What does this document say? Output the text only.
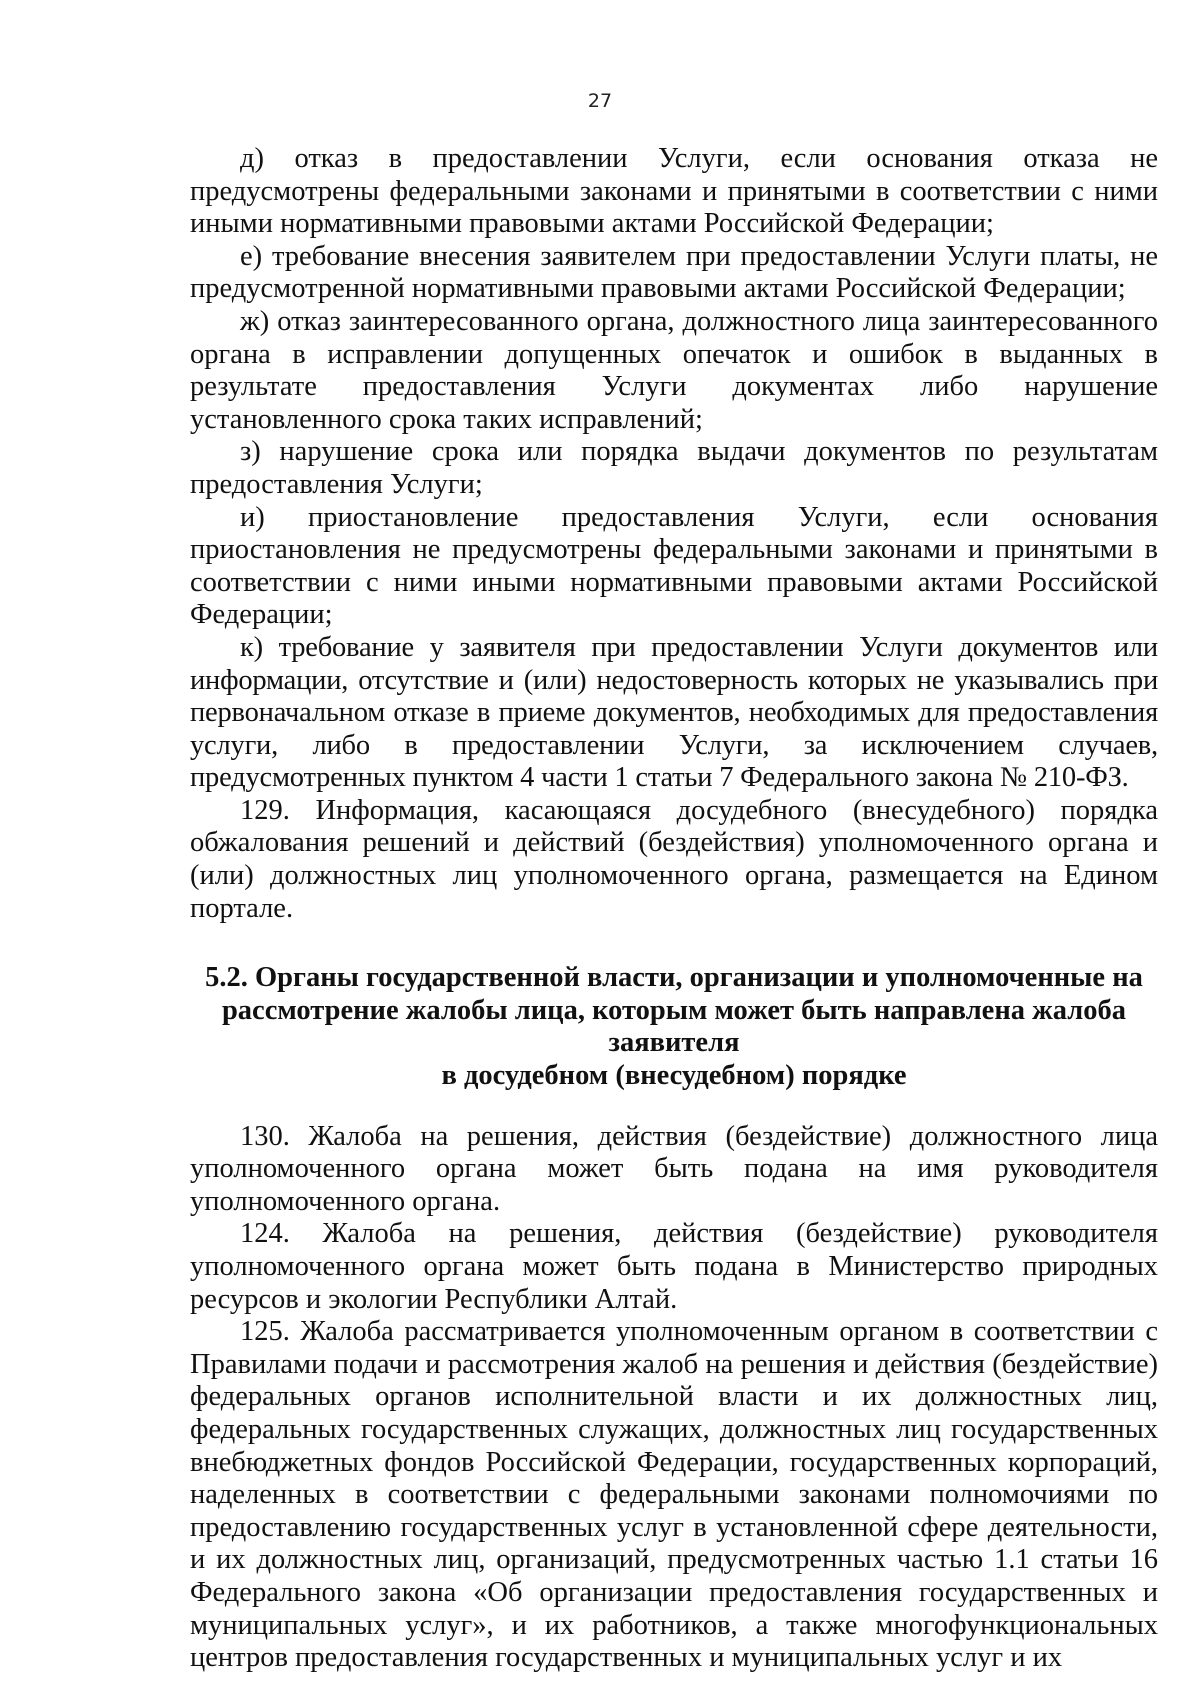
27

д) отказ в предоставлении Услуги, если основания отказа не предусмотрены федеральными законами и принятыми в соответствии с ними иными нормативными правовыми актами Российской Федерации;

е) требование внесения заявителем при предоставлении Услуги платы, не предусмотренной нормативными правовыми актами Российской Федерации;

ж) отказ заинтересованного органа, должностного лица заинтересованного органа в исправлении допущенных опечаток и ошибок в выданных в результате предоставления Услуги документах либо нарушение установленного срока таких исправлений;

з) нарушение срока или порядка выдачи документов по результатам предоставления Услуги;

и) приостановление предоставления Услуги, если основания приостановления не предусмотрены федеральными законами и принятыми в соответствии с ними иными нормативными правовыми актами Российской Федерации;

к) требование у заявителя при предоставлении Услуги документов или информации, отсутствие и (или) недостоверность которых не указывались при первоначальном отказе в приеме документов, необходимых для предоставления услуги, либо в предоставлении Услуги, за исключением случаев, предусмотренных пунктом 4 части 1 статьи 7 Федерального закона № 210-ФЗ.

129. Информация, касающаяся досудебного (внесудебного) порядка обжалования решений и действий (бездействия) уполномоченного органа и (или) должностных лиц уполномоченного органа, размещается на Едином портале.

5.2. Органы государственной власти, организации и уполномоченные на
рассмотрение жалобы лица, которым может быть направлена жалоба заявителя
в досудебном (внесудебном) порядке

130. Жалоба на решения, действия (бездействие) должностного лица уполномоченного органа может быть подана на имя руководителя уполномоченного органа.

124. Жалоба на решения, действия (бездействие) руководителя уполномоченного органа может быть подана в Министерство природных ресурсов и экологии Республики Алтай.

125. Жалоба рассматривается уполномоченным органом в соответствии с Правилами подачи и рассмотрения жалоб на решения и действия (бездействие) федеральных органов исполнительной власти и их должностных лиц, федеральных государственных служащих, должностных лиц государственных внебюджетных фондов Российской Федерации, государственных корпораций, наделенных в соответствии с федеральными законами полномочиями по предоставлению государственных услуг в установленной сфере деятельности, и их должностных лиц, организаций, предусмотренных частью 1.1 статьи 16 Федерального закона «Об организации предоставления государственных и муниципальных услуг», и их работников, а также многофункциональных центров предоставления государственных и муниципальных услуг и их
